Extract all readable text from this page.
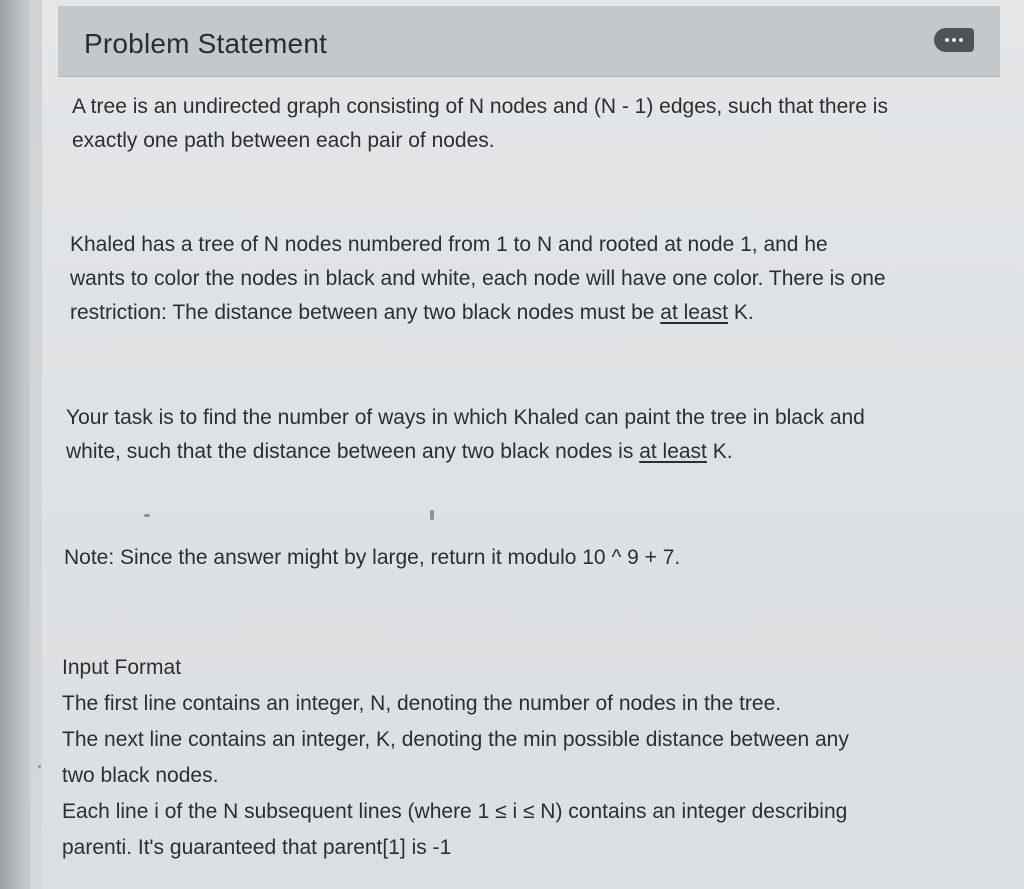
Problem Statement
A tree is an undirected graph consisting of N nodes and (N - 1) edges, such that there is
exactly one path between each pair of nodes.
Khaled has a tree of N nodes numbered from 1 to N and rooted at node 1, and he
wants to color the nodes in black and white, each node will have one color. There is one
restriction: The distance between any two black nodes must be at least K.
Your task is to find the number of ways in which Khaled can paint the tree in black and
white, such that the distance between any two black nodes is at least K.
Note: Since the answer might by large, return it modulo 10 ^ 9 + 7.
Input Format
The first line contains an integer, N, denoting the number of nodes in the tree.
The next line contains an integer, K, denoting the min possible distance between any
two black nodes.
Each line i of the N subsequent lines (where 1 ≤ i ≤ N) contains an integer describing
parenti. It's guaranteed that parent[1] is -1
